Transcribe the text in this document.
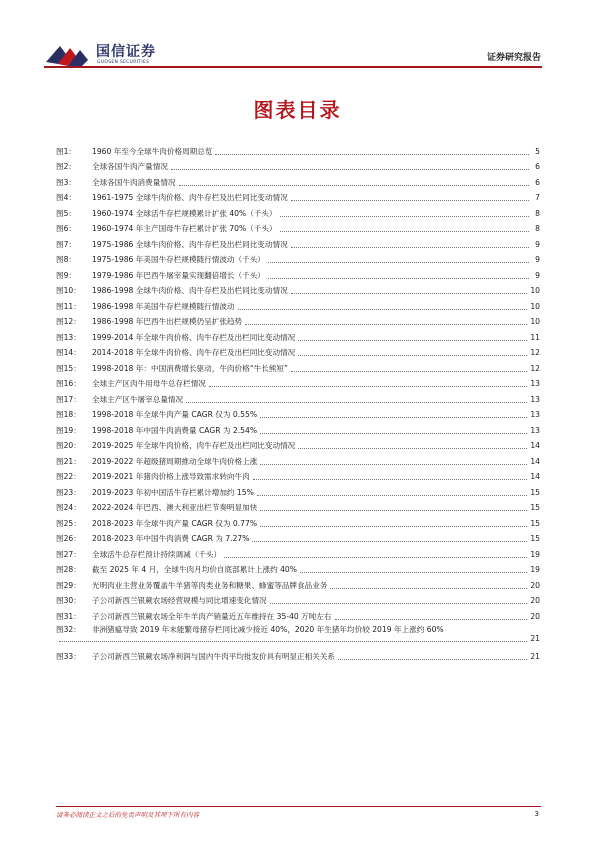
国信证券
GUOSEN SECURITIES	证券研究报告
图表目录
图1：	1960 年至今全球牛肉价格周期总览	5
图2：	全球各国牛肉产量情况	6
图3：	全球各国牛肉消费量情况	6
图4：	1961-1975 全球牛肉价格、肉牛存栏及出栏同比变动情况	7
图5：	1960-1974 全球活牛存栏规模累计扩张 40%（千头）	8
图6：	1960-1974 年主产国母牛存栏累计扩张 70%（千头）	8
图7：	1975-1986 全球牛肉价格、肉牛存栏及出栏同比变动情况	9
图8：	1975-1986 年美国牛存栏规模随行情波动（千头）	9
图9：	1979-1986 年巴西牛屠宰量实现翻倍增长（千头）	9
图10：	1986-1998 全球牛肉价格、肉牛存栏及出栏同比变动情况	10
图11：	1986-1998 年美国牛存栏规模随行情波动	10
图12：	1986-1998 年巴西牛出栏规模仍呈扩张趋势	10
图13：	1999-2014 年全球牛肉价格、肉牛存栏及出栏同比变动情况	11
图14：	2014-2018 年全球牛肉价格、肉牛存栏及出栏同比变动情况	12
图15：	1998-2018 年：中国消费增长驱动，牛肉价格“牛长熊短”	12
图16：	全球主产区肉牛用母牛总存栏情况	13
图17：	全球主产区牛屠宰总量情况	13
图18：	1998-2018 年全球牛肉产量 CAGR 仅为 0.55%	13
图19：	1998-2018 年中国牛肉消费量 CAGR 为 2.54%	13
图20：	2019-2025 年全球牛肉价格、肉牛存栏及出栏同比变动情况	14
图21：	2019-2022 年超级猪周期推动全球牛肉价格上涨	14
图22：	2019-2021 年猪肉价格上涨导致需求转向牛肉	14
图23：	2019-2023 年初中国活牛存栏累计增加约 15%	15
图24：	2022-2024 年巴西、澳大利亚出栏节奏明显加快	15
图25：	2018-2023 年全球牛肉产量 CAGR 仅为 0.77%	15
图26：	2018-2023 年中国牛肉消费 CAGR 为 7.27%	15
图27：	全球活牛总存栏预计持续调减（千头）	19
图28：	截至 2025 年 4 月，全球牛肉月均价自底部累计上涨约 40%	19
图29：	光明肉业主营业务覆盖牛羊猪等肉类业务和糖果、蜂蜜等品牌食品业务	20
图30：	子公司新西兰银蕨农场经营规模与同比增速变化情况	20
图31：	子公司新西兰银蕨农场全年牛羊肉产销量近五年维持在 35-40 万吨左右	20
图32：	非洲猪瘟导致 2019 年末能繁母猪存栏同比减少接近 40%，2020 年生猪年均价较 2019 年上涨约 60%
21
图33：	子公司新西兰银蕨农场净利润与国内牛肉平均批发价具有明显正相关关系	21
请务必阅读正文之后的免责声明及其项下所有内容	3
